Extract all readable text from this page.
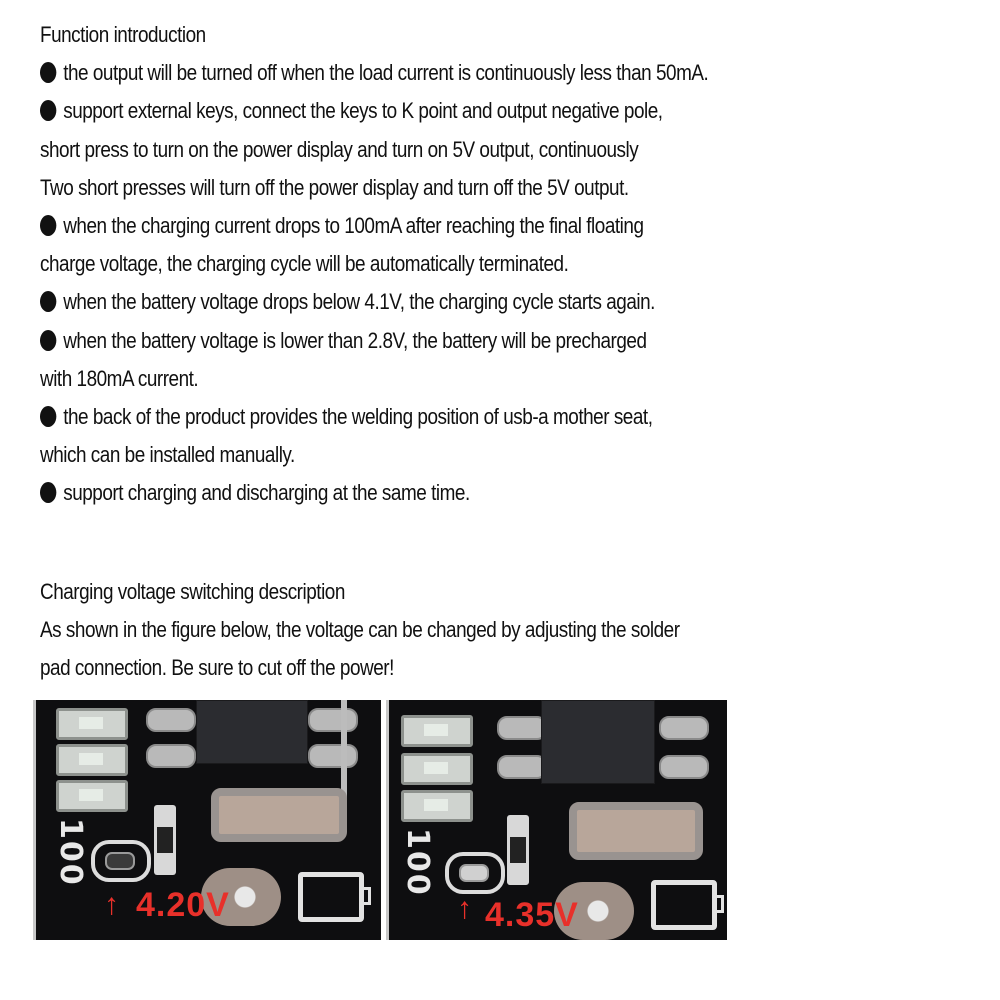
Function introduction
the output will be turned off when the load current is continuously less than 50mA.
support external keys, connect the keys to K point and output negative pole,
short press to turn on the power display and turn on 5V output, continuously
Two short presses will turn off the power display and turn off the 5V output.
when the charging current drops to 100mA after reaching the final floating
charge voltage, the charging cycle will be automatically terminated.
when the battery voltage drops below 4.1V, the charging cycle starts again.
when the battery voltage is lower than 2.8V, the battery will be precharged
with 180mA current.
the back of the product provides the welding position of usb-a mother seat,
which can be installed manually.
support charging and discharging at the same time.
Charging voltage switching description
As shown in the figure below, the voltage can be changed by adjusting the solder
pad connection. Be sure to cut off the power!
100
↑ 4.20V
100
↑ 4.35V
